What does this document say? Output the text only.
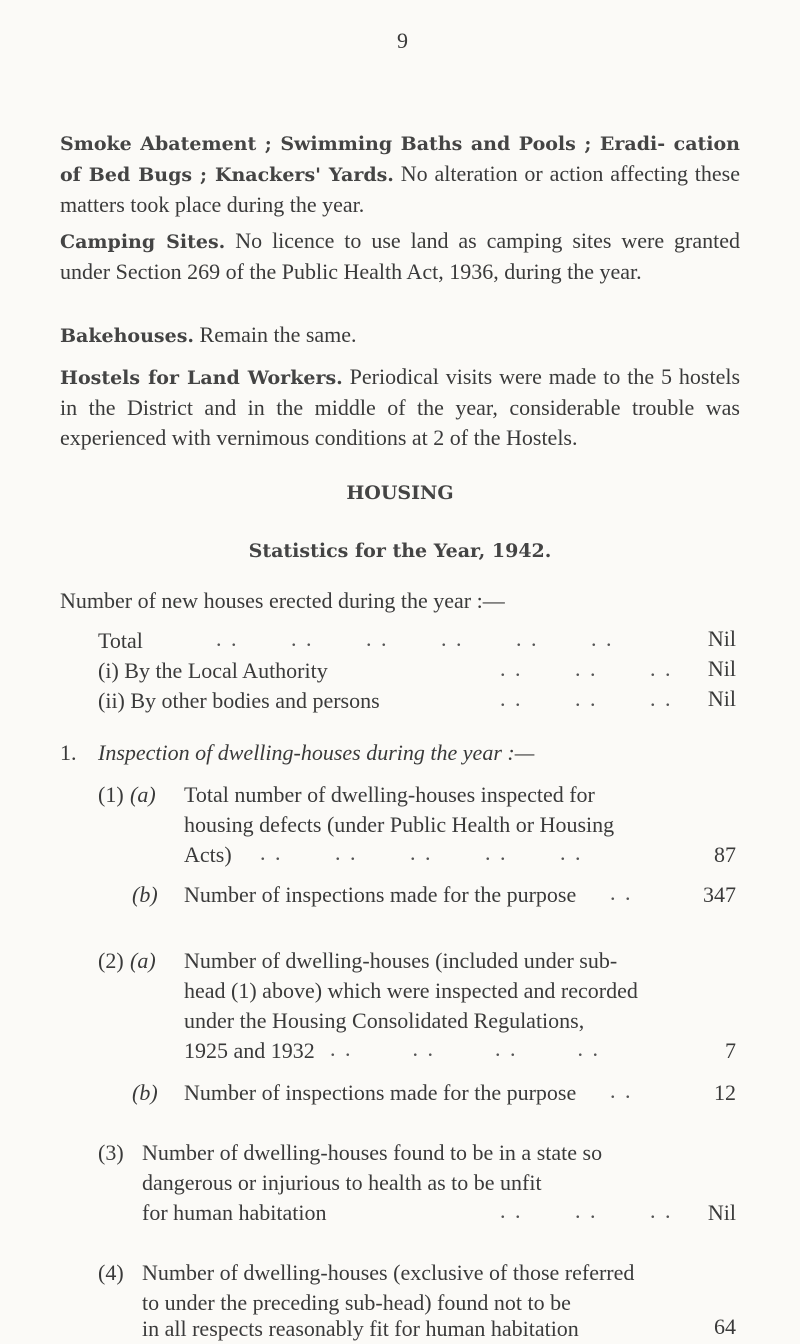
9
Smoke Abatement ; Swimming Baths and Pools ; Eradi- cation of Bed Bugs ; Knackers' Yards. No alteration or action affecting these matters took place during the year.
Camping Sites. No licence to use land as camping sites were granted under Section 269 of the Public Health Act, 1936, during the year.
Bakehouses. Remain the same.
Hostels for Land Workers. Periodical visits were made to the 5 hostels in the District and in the middle of the year, considerable trouble was experienced with vernimous conditions at 2 of the Hostels.
HOUSING
Statistics for the Year, 1942.
Number of new houses erected during the year :—
Total	. .       . .       . .       . .       . .       . .	Nil
(i) By the Local Authority	. .       . .       . .	Nil
(ii) By other bodies and persons	. .       . .       . .	Nil
1. Inspection of dwelling-houses during the year :—
(1) (a) Total number of dwelling-houses inspected for
housing defects (under Public Health or Housing
Acts) . .       . .       . .       . .       . .	87
(b) Number of inspections made for the purpose . .	347
(2) (a) Number of dwelling-houses (included under sub-
head (1) above) which were inspected and recorded
under the Housing Consolidated Regulations,
1925 and 1932 . .        . .        . .        . .	7
(b) Number of inspections made for the purpose . .	12
(3) Number of dwelling-houses found to be in a state so
dangerous or injurious to health as to be unfit
for human habitation	. .       . .       . .	Nil
(4) Number of dwelling-houses (exclusive of those referred
to under the preceding sub-head) found not to be
in all respects reasonably fit for human habitation	64
